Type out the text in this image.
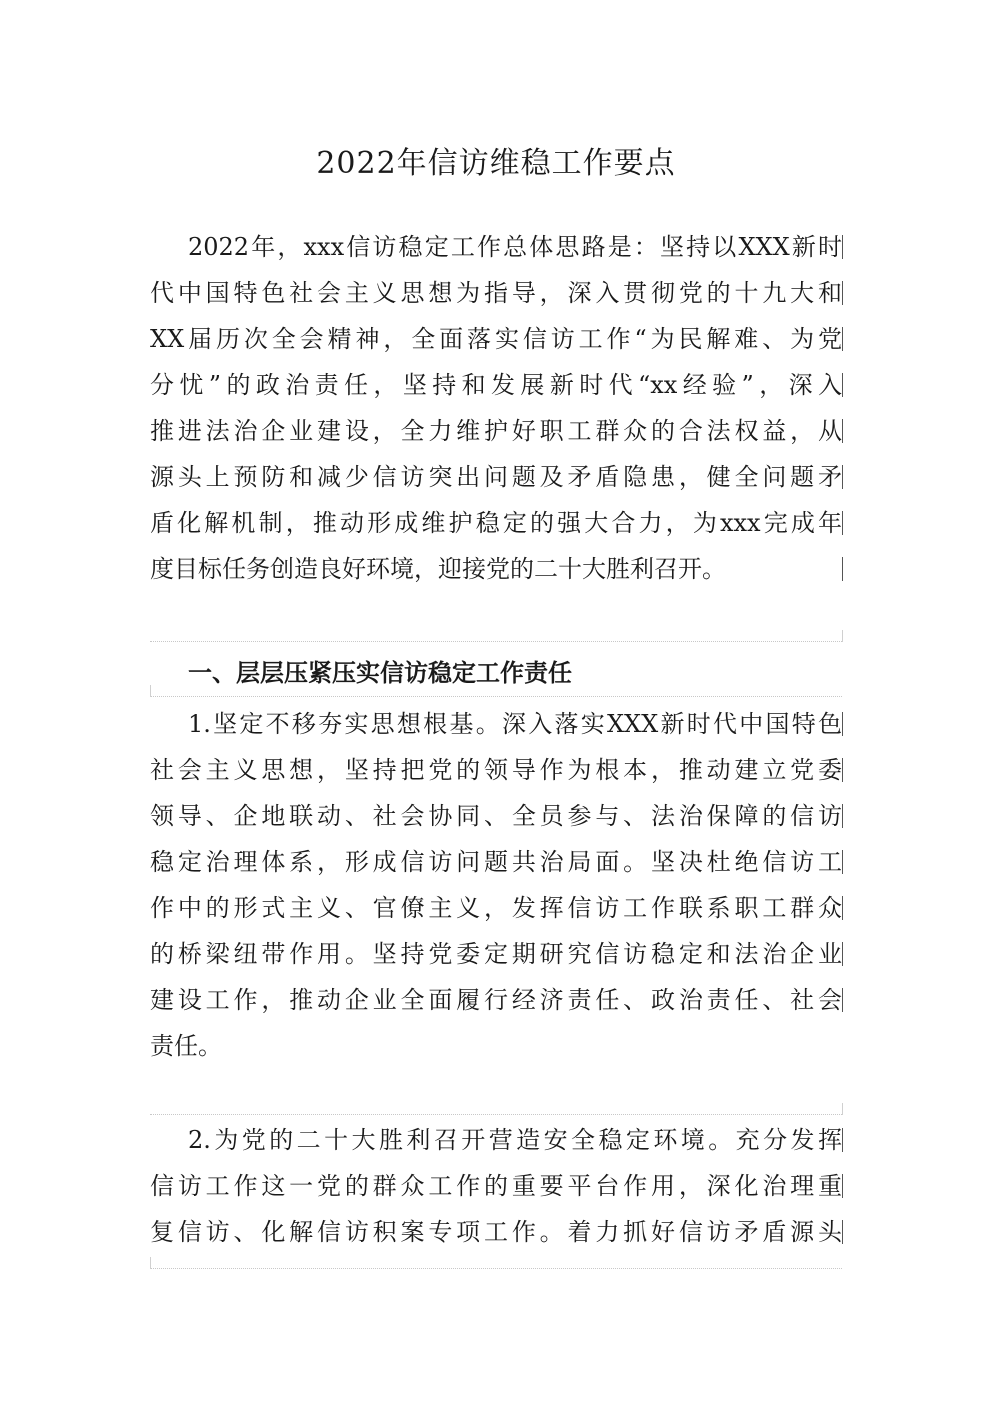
2022年信访维稳工作要点
2022年，xxx信访稳定工作总体思路是：坚持以XXX新时
代中国特色社会主义思想为指导，深入贯彻党的十九大和
XX届历次全会精神，全面落实信访工作“为民解难、为党
分忧”的政治责任，坚持和发展新时代“xx经验”，深入
推进法治企业建设，全力维护好职工群众的合法权益，从
源头上预防和减少信访突出问题及矛盾隐患，健全问题矛
盾化解机制，推动形成维护稳定的强大合力，为xxx完成年
度目标任务创造良好环境，迎接党的二十大胜利召开。
一、层层压紧压实信访稳定工作责任
1.坚定不移夯实思想根基。深入落实XXX新时代中国特色
社会主义思想，坚持把党的领导作为根本，推动建立党委
领导、企地联动、社会协同、全员参与、法治保障的信访
稳定治理体系，形成信访问题共治局面。坚决杜绝信访工
作中的形式主义、官僚主义，发挥信访工作联系职工群众
的桥梁纽带作用。坚持党委定期研究信访稳定和法治企业
建设工作，推动企业全面履行经济责任、政治责任、社会
责任。
2.为党的二十大胜利召开营造安全稳定环境。充分发挥
信访工作这一党的群众工作的重要平台作用，深化治理重
复信访、化解信访积案专项工作。着力抓好信访矛盾源头
